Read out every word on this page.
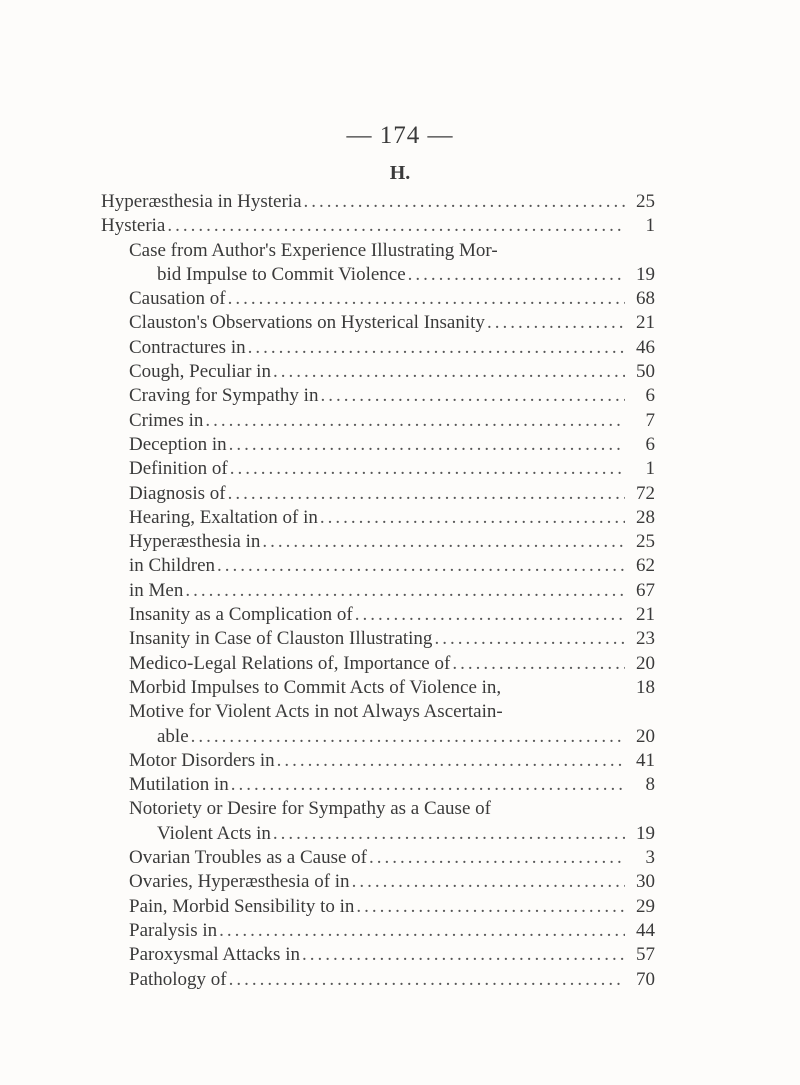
— 174 —
H.
Hyperæsthesia in Hysteria .....	25
Hysteria .....	1
Case from Author's Experience Illustrating Mor-
bid Impulse to Commit Violence .....	19
Causation of .....	68
Clauston's Observations on Hysterical Insanity .....	21
Contractures in .....	46
Cough, Peculiar in .....	50
Craving for Sympathy in .....	6
Crimes in .....	7
Deception in .....	6
Definition of .....	1
Diagnosis of .....	72
Hearing, Exaltation of in .....	28
Hyperæsthesia in .....	25
in Children .....	62
in Men .....	67
Insanity as a Complication of .....	21
Insanity in Case of Clauston Illustrating .....	23
Medico-Legal Relations of, Importance of .....	20
Morbid Impulses to Commit Acts of Violence in,	18
Motive for Violent Acts in not Always Ascertain-
able .....	20
Motor Disorders in .....	41
Mutilation in .....	8
Notoriety or Desire for Sympathy as a Cause of
Violent Acts in .....	19
Ovarian Troubles as a Cause of .....	3
Ovaries, Hyperæsthesia of in .....	30
Pain, Morbid Sensibility to in .....	29
Paralysis in .....	44
Paroxysmal Attacks in .....	57
Pathology of .....	70
